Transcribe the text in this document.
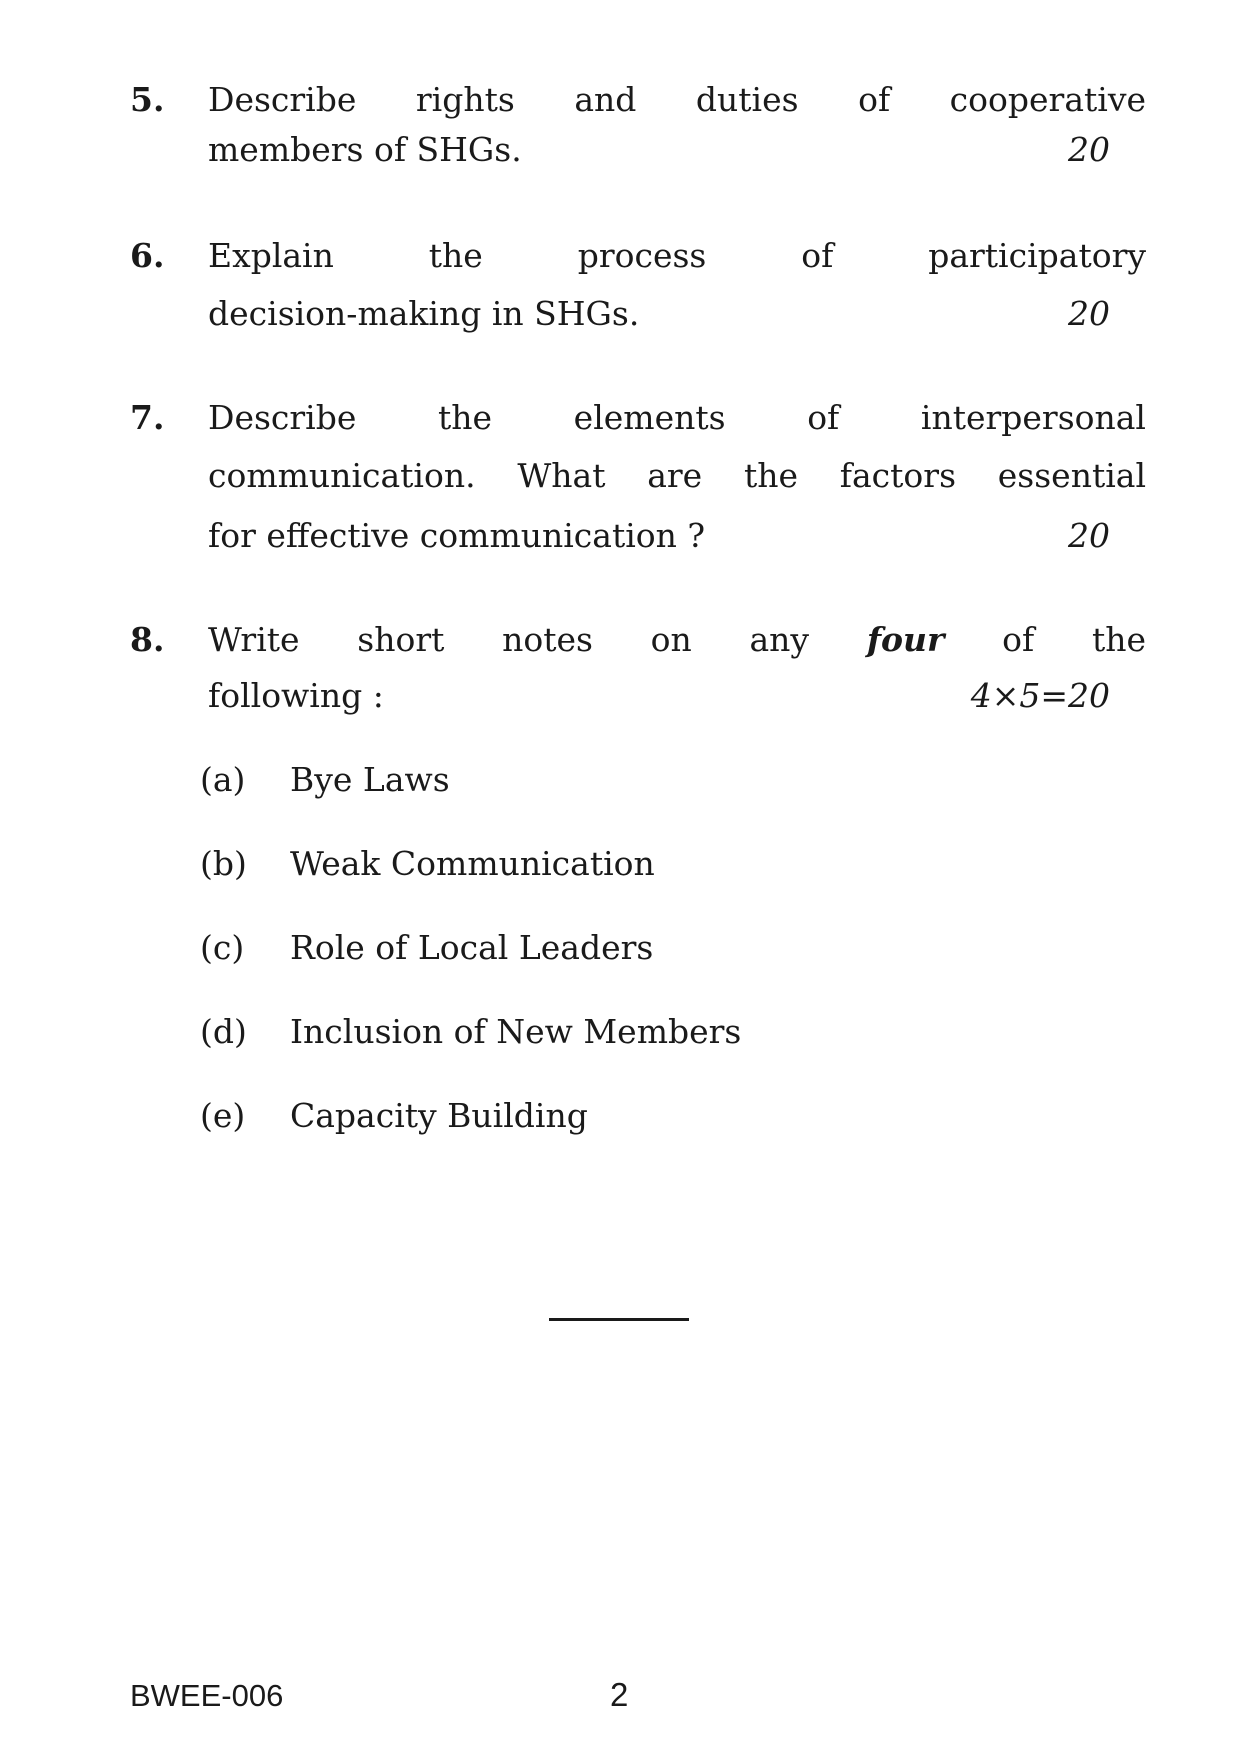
5. Describe rights and duties of cooperative
members of SHGs.	20
6. Explain the process of participatory
decision-making in SHGs.	20
7. Describe the elements of interpersonal
communication. What are the factors essential
for effective communication ?	20
8. Write short notes on any four of the
following :	4×5=20
(a) Bye Laws
(b) Weak Communication
(c) Role of Local Leaders
(d) Inclusion of New Members
(e) Capacity Building
BWEE-006	2
